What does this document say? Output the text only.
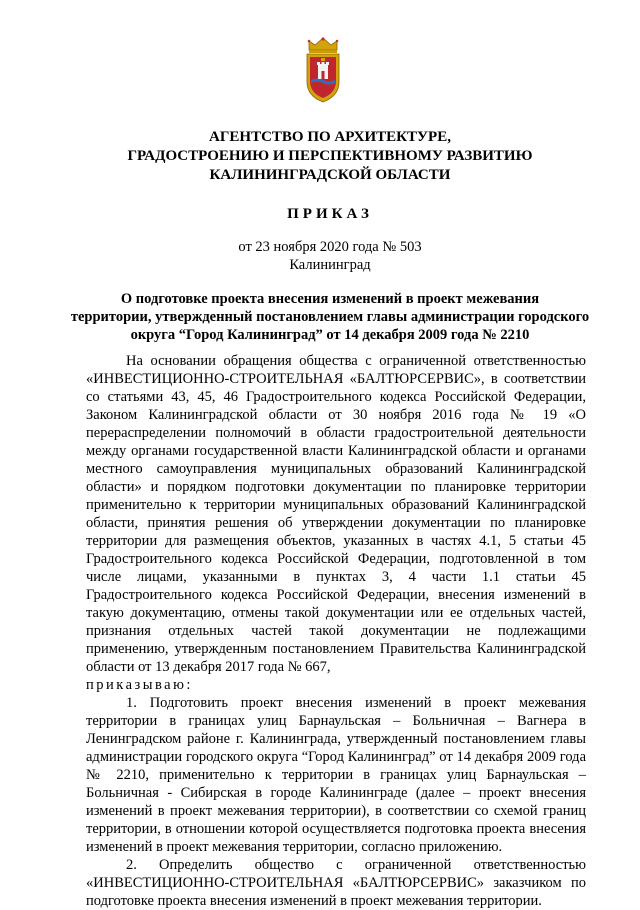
АГЕНТСТВО ПО АРХИТЕКТУРЕ,
ГРАДОСТРОЕНИЮ И ПЕРСПЕКТИВНОМУ РАЗВИТИЮ
КАЛИНИНГРАДСКОЙ ОБЛАСТИ
ПРИКАЗ
от 23 ноября 2020 года № 503
Калининград
О подготовке проекта внесения изменений в проект межевания
территории, утвержденный постановлением главы администрации городского
округа “Город Калининград” от 14 декабря 2009 года № 2210

На основании обращения общества с ограниченной ответственностью «ИНВЕСТИЦИОННО-СТРОИТЕЛЬНАЯ «БАЛТЮРСЕРВИС», в соответствии со статьями 43, 45, 46 Градостроительного кодекса Российской Федерации, Законом Калининградской области от 30 ноября 2016 года № 19 «О перераспределении полномочий в области градостроительной деятельности между органами государственной власти Калининградской области и органами местного самоуправления муниципальных образований Калининградской области» и порядком подготовки документации по планировке территории применительно к территории муниципальных образований Калининградской области, принятия решения об утверждении документации по планировке территории для размещения объектов, указанных в частях 4.1, 5 статьи 45 Градостроительного кодекса Российской Федерации, подготовленной в том числе лицами, указанными в пунктах 3, 4 части 1.1 статьи 45 Градостроительного кодекса Российской Федерации, внесения изменений в такую документацию, отмены такой документации или ее отдельных частей, признания отдельных частей такой документации не подлежащими применению, утвержденным постановлением Правительства Калининградской области от 13 декабря 2017 года № 667,
приказываю:

1. Подготовить проект внесения изменений в проект межевания территории в границах улиц Барнаульская – Больничная – Вагнера в Ленинградском районе г. Калининграда, утвержденный постановлением главы администрации городского округа “Город Калининград” от 14 декабря 2009 года № 2210, применительно к территории в границах улиц Барнаульская – Больничная - Сибирская в городе Калининграде (далее – проект внесения изменений в проект межевания территории), в соответствии со схемой границ территории, в отношении которой осуществляется подготовка проекта внесения изменений в проект межевания территории, согласно приложению.

2. Определить общество с ограниченной ответственностью «ИНВЕСТИЦИОННО-СТРОИТЕЛЬНАЯ «БАЛТЮРСЕРВИС» заказчиком по подготовке проекта внесения изменений в проект межевания территории.
